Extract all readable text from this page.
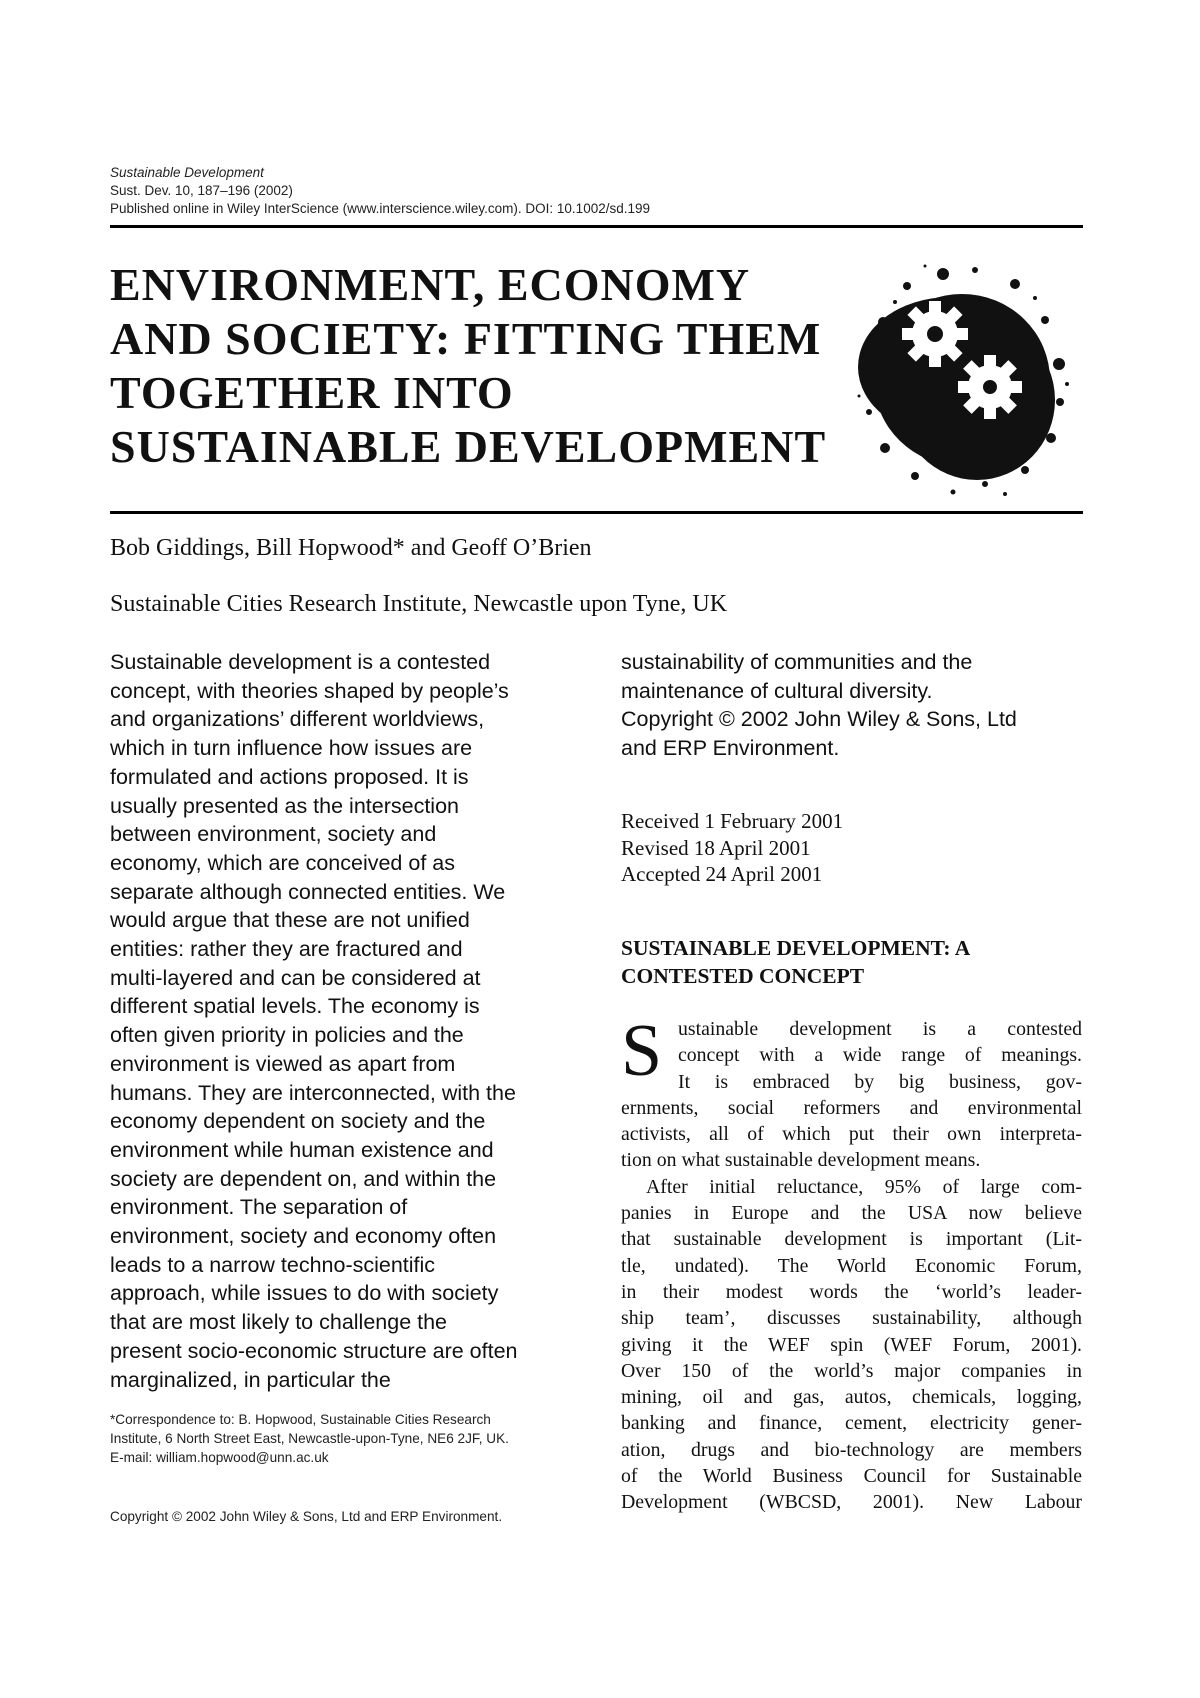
Sustainable Development
Sust. Dev. 10, 187–196 (2002)
Published online in Wiley InterScience (www.interscience.wiley.com). DOI: 10.1002/sd.199
ENVIRONMENT, ECONOMY
AND SOCIETY: FITTING THEM
TOGETHER INTO
SUSTAINABLE DEVELOPMENT
Bob Giddings, Bill Hopwood* and Geoff O’Brien
Sustainable Cities Research Institute, Newcastle upon Tyne, UK
Sustainable development is a contested
concept, with theories shaped by people’s
and organizations’ different worldviews,
which in turn influence how issues are
formulated and actions proposed. It is
usually presented as the intersection
between environment, society and
economy, which are conceived of as
separate although connected entities. We
would argue that these are not unified
entities: rather they are fractured and
multi-layered and can be considered at
different spatial levels. The economy is
often given priority in policies and the
environment is viewed as apart from
humans. They are interconnected, with the
economy dependent on society and the
environment while human existence and
society are dependent on, and within the
environment. The separation of
environment, society and economy often
leads to a narrow techno-scientific
approach, while issues to do with society
that are most likely to challenge the
present socio-economic structure are often
marginalized, in particular the
*Correspondence to: B. Hopwood, Sustainable Cities Research
Institute, 6 North Street East, Newcastle-upon-Tyne, NE6 2JF, UK.
E-mail: william.hopwood@unn.ac.uk
Copyright © 2002 John Wiley & Sons, Ltd and ERP Environment.
sustainability of communities and the
maintenance of cultural diversity.
Copyright © 2002 John Wiley & Sons, Ltd
and ERP Environment.
Received 1 February 2001
Revised 18 April 2001
Accepted 24 April 2001
SUSTAINABLE DEVELOPMENT: A
CONTESTED CONCEPT
S ustainable development is a contested
concept with a wide range of meanings.
It is embraced by big business, gov-
ernments, social reformers and environmental
activists, all of which put their own interpreta-
tion on what sustainable development means.
After initial reluctance, 95% of large com-
panies in Europe and the USA now believe
that sustainable development is important (Lit-
tle, undated). The World Economic Forum,
in their modest words the ‘world’s leader-
ship team’, discusses sustainability, although
giving it the WEF spin (WEF Forum, 2001).
Over 150 of the world’s major companies in
mining, oil and gas, autos, chemicals, logging,
banking and finance, cement, electricity gener-
ation, drugs and bio-technology are members
of the World Business Council for Sustainable
Development (WBCSD, 2001). New Labour
